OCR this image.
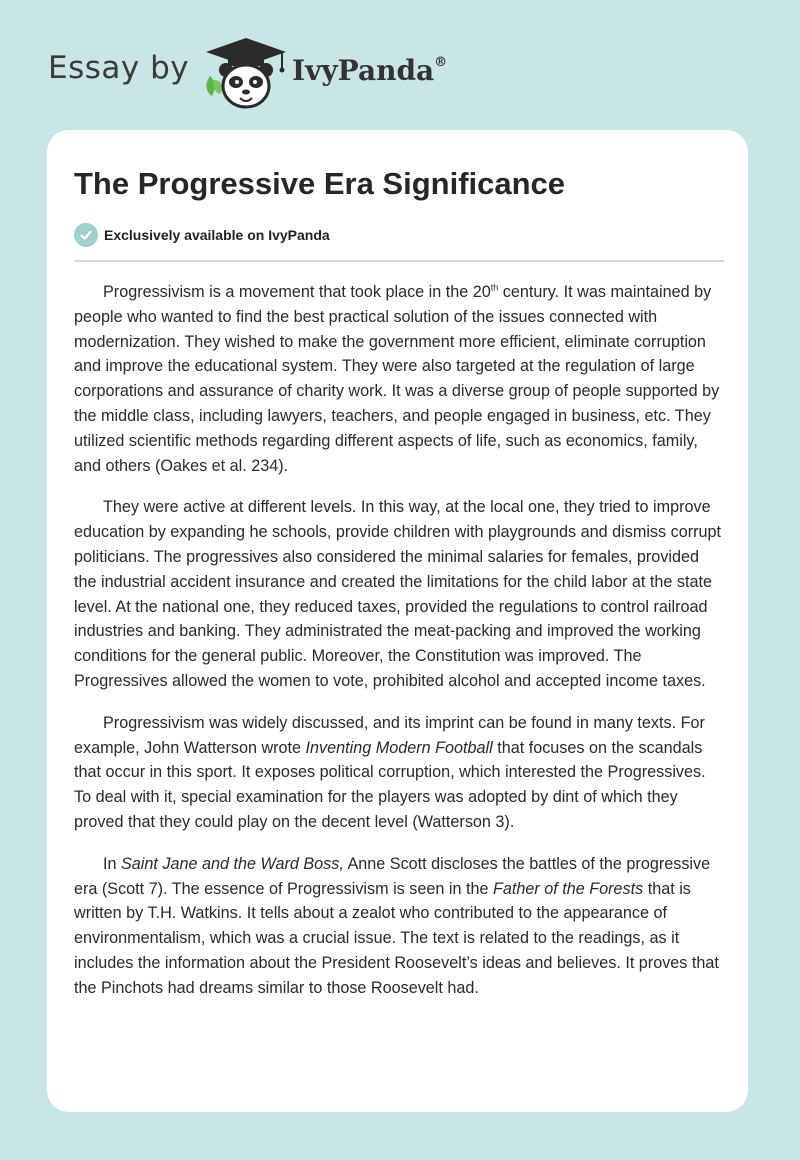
Essay by	IvyPanda®
The Progressive Era Significance
Exclusively available on IvyPanda

Progressivism is a movement that took place in the 20th century. It was maintained by people who wanted to find the best practical solution of the issues connected with modernization. They wished to make the government more efficient, eliminate corruption and improve the educational system. They were also targeted at the regulation of large corporations and assurance of charity work. It was a diverse group of people supported by the middle class, including lawyers, teachers, and people engaged in business, etc. They utilized scientific methods regarding different aspects of life, such as economics, family, and others (Oakes et al. 234).

They were active at different levels. In this way, at the local one, they tried to improve education by expanding he schools, provide children with playgrounds and dismiss corrupt politicians. The progressives also considered the minimal salaries for females, provided the industrial accident insurance and created the limitations for the child labor at the state level. At the national one, they reduced taxes, provided the regulations to control railroad industries and banking. They administrated the meat-packing and improved the working conditions for the general public. Moreover, the Constitution was improved. The Progressives allowed the women to vote, prohibited alcohol and accepted income taxes.

Progressivism was widely discussed, and its imprint can be found in many texts. For example, John Watterson wrote Inventing Modern Football that focuses on the scandals that occur in this sport. It exposes political corruption, which interested the Progressives. To deal with it, special examination for the players was adopted by dint of which they proved that they could play on the decent level (Watterson 3).

In Saint Jane and the Ward Boss, Anne Scott discloses the battles of the progressive era (Scott 7). The essence of Progressivism is seen in the Father of the Forests that is written by T.H. Watkins. It tells about a zealot who contributed to the appearance of environmentalism, which was a crucial issue. The text is related to the readings, as it includes the information about the President Roosevelt’s ideas and believes. It proves that the Pinchots had dreams similar to those Roosevelt had.
